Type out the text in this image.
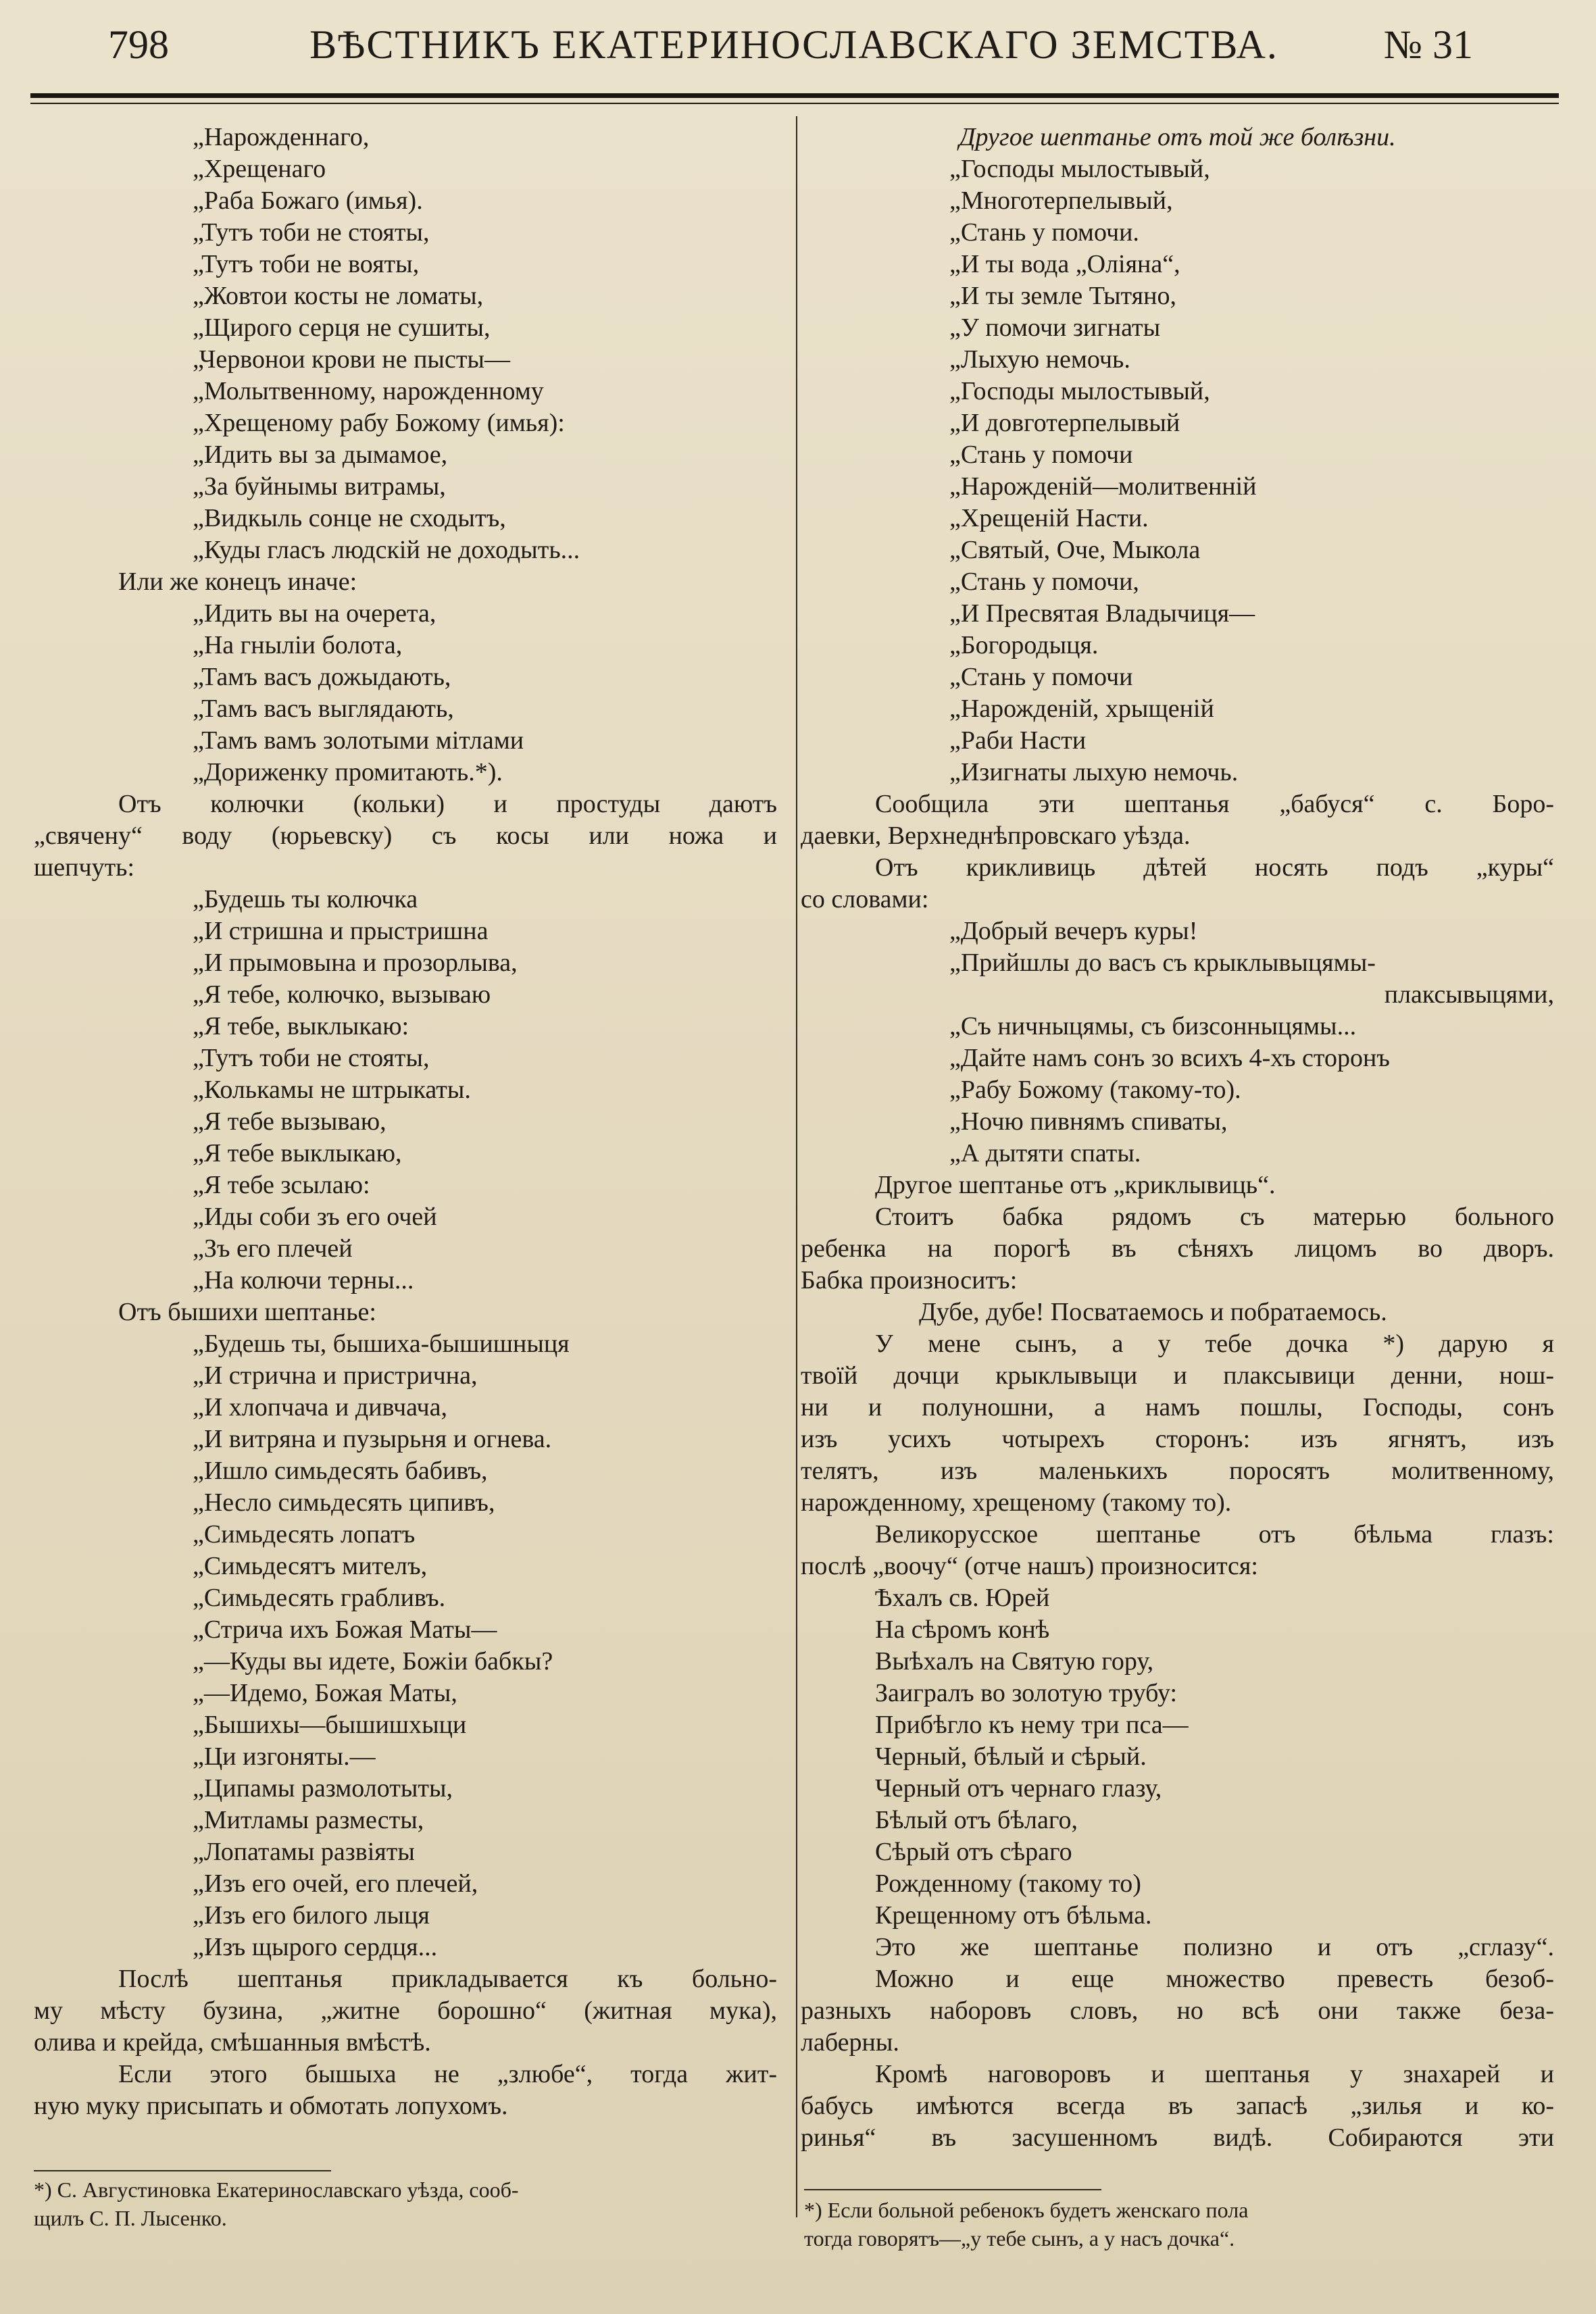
798	ВѢСТНИКЪ ЕКАТЕРИНОСЛАВСКАГО ЗЕМСТВА.	№ 31

„Нарожденнаго,

„Хрещенаго

„Раба Божаго (имья).

„Тутъ тоби не стояты,

„Тутъ тоби не вояты,

„Жовтои косты не ломаты,

„Щирого серця не сушиты,

„Червонои крови не пысты—

„Молытвенному, нарожденному

„Хрещеному рабу Божому (имья):

„Идить вы за дымамое,

„За буйнымы витрамы,

„Видкыль сонце не сходытъ,

„Куды гласъ людскій не доходыть...

Или же конецъ иначе:

„Идить вы на очерета,

„На гныліи болота,

„Тамъ васъ дожыдають,

„Тамъ васъ выглядають,

„Тамъ вамъ золотыми мітлами

„Дориженку промитають.*).

Отъ колючки (кольки) и простуды даютъ

„свячену“ воду (юрьевску) съ косы или ножа и

шепчуть:

„Будешь ты колючка

„И стришна и прыстришна

„И прымовына и прозорлыва,

„Я тебе, колючко, вызываю

„Я тебе, выклыкаю:

„Тутъ тоби не стояты,

„Колькамы не штрыкаты.

„Я тебе вызываю,

„Я тебе выклыкаю,

„Я тебе зсылаю:

„Иды соби зъ его очей

„Зъ его плечей

„На колючи терны...

Отъ бышихи шептанье:

„Будешь ты, бышиха-бышишныця

„И стрична и пристрична,

„И хлопчача и дивчача,

„И витряна и пузырьня и огнева.

„Ишло симьдесять бабивъ,

„Несло симьдесять ципивъ,

„Симьдесять лопатъ

„Симьдесятъ мителъ,

„Симьдесять грабливъ.

„Стрича ихъ Божая Маты—

„—Куды вы идете, Божіи бабкы?

„—Идемо, Божая Маты,

„Бышихы—бышишхыци

„Ци изгоняты.—

„Ципамы размолотыты,

„Митламы разместы,

„Лопатамы развіяты

„Изъ его очей, его плечей,

„Изъ его билого лыця

„Изъ щырого сердця...

Послѣ шептанья прикладывается къ больно-

му мѣсту бузина, „житне борошно“ (житная мука),

олива и крейда, смѣшанныя вмѣстѣ.

Если этого бышыха не „злюбе“, тогда жит-

ную муку присыпать и обмотать лопухомъ.

Другое шептанье отъ той же болѣзни.

„Господы мылостывый,

„Многотерпелывый,

„Стань у помочи.

„И ты вода „Оліяна“,

„И ты земле Тытяно,

„У помочи зигнаты

„Лыхую немочь.

„Господы мылостывый,

„И довготерпелывый

„Стань у помочи

„Нарожденій—молитвенній

„Хрещеній Насти.

„Святый, Оче, Мыкола

„Стань у помочи,

„И Пресвятая Владычиця—

„Богородыця.

„Стань у помочи

„Нарожденій, хрыщеній

„Раби Насти

„Изигнаты лыхую немочь.

Сообщила эти шептанья „бабуся“ с. Боро-

даевки, Верхнеднѣпровскаго уѣзда.

Отъ крикливиць дѣтей носять подъ „куры“

со словами:

„Добрый вечеръ куры!

„Прийшлы до васъ съ крыклывыцямы-

плаксывыцями,

„Съ ничныцямы, съ бизсонныцямы...

„Дайте намъ сонъ зо всихъ 4-хъ сторонъ

„Рабу Божому (такому-то).

„Ночю пивнямъ спиваты,

„А дытяти спаты.

Другое шептанье отъ „криклывиць“.

Стоитъ бабка рядомъ съ матерью больного

ребенка на порогѣ въ сѣняхъ лицомъ во дворъ.

Бабка произноситъ:

Дубе, дубе! Посватаемось и побратаемось.

У мене сынъ, а у тебе дочка *) дарую я

твоїй дочци крыклывыци и плаксывици денни, нош-

ни и полуношни, а намъ пошлы, Господы, сонъ

изъ усихъ чотырехъ сторонъ: изъ ягнятъ, изъ

телятъ, изъ маленькихъ поросятъ молитвенному,

нарожденному, хрещеному (такому то).

Великорусское шептанье отъ бѣльма глазъ:

послѣ „воочу“ (отче нашъ) произносится:

Ѣхалъ св. Юрей

На сѣромъ конѣ

Выѣхалъ на Святую гору,

Заигралъ во золотую трубу:

Прибѣгло къ нему три пса—

Черный, бѣлый и сѣрый.

Черный отъ чернаго глазу,

Бѣлый отъ бѣлаго,

Сѣрый отъ сѣраго

Рожденному (такому то)

Крещенному отъ бѣльма.

Это же шептанье полизно и отъ „сглазу“.

Можно и еще множество превесть безоб-

разныхъ наборовъ словъ, но всѣ они также беза-

лаберны.

Кромѣ наговоровъ и шептанья у знахарей и

бабусь имѣются всегда въ запасѣ „зилья и ко-

ринья“ въ засушенномъ видѣ. Собираются эти

*) С. Августиновка Екатеринославскаго уѣзда, сооб-

щилъ С. П. Лысенко.	*) Если больной ребенокъ будетъ женскаго пола

тогда говорятъ—„у тебе сынъ, а у насъ дочка“.
